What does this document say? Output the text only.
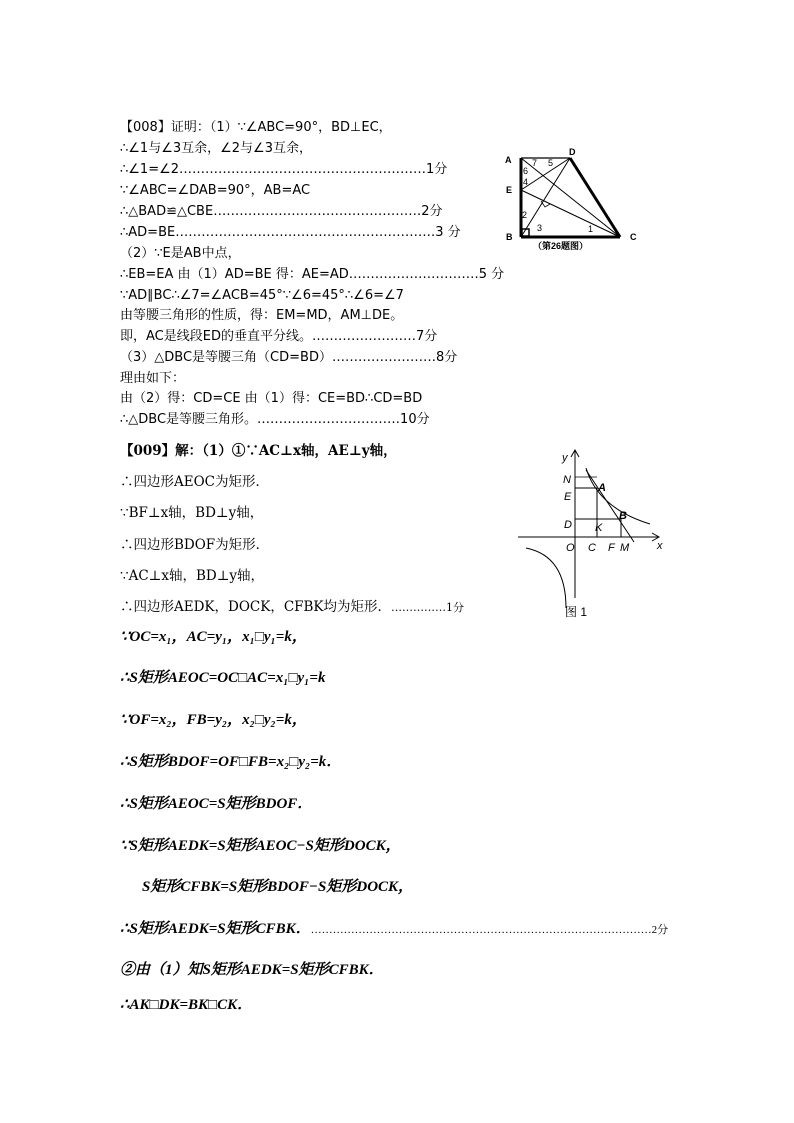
【008】证明：（1）∵∠ABC=90°，BD⊥EC，
∴∠1与∠3互余，∠2与∠3互余，
∴∠1=∠2…………………………………………………1分
∵∠ABC=∠DAB=90°，AB=AC
∴△BAD≌△CBE…………………………………………2分
∴AD=BE……………………………………………………3 分
（2）∵E是AB中点，
∴EB=EA 由（1）AD=BE 得：AE=AD…………………………5 分
∵AD∥BC∴∠7=∠ACB=45°∵∠6=45°∴∠6=∠7
由等腰三角形的性质，得：EM=MD，AM⊥DE。
即，AC是线段ED的垂直平分线。……………………7分
（3）△DBC是等腰三角（CD=BD）……………………8分
理由如下：
由（2）得：CD=CE 由（1）得：CE=BD∴CD=BD
∴△DBC是等腰三角形。……………………………10分
A
D
E
B	C
7 5
6
4
2
3	1
（第26题图）
【009】解：（1）①∵AC⊥x轴，AE⊥y轴，
∴四边形AEOC为矩形．
∵BF⊥x轴，BD⊥y轴，
∴四边形BDOF为矩形．
∵AC⊥x轴，BD⊥y轴，
∴四边形AEDK，DOCK，CFBK均为矩形．……………1分
∵OC=x₁，AC=y₁，x₁□y₁=k，
∴S矩形AEOC=OC□AC=x₁□y₁=k
∵OF=x₂，FB=y₂，x₂□y₂=k，
∴S矩形BDOF=OF□FB=x₂□y₂=k．
∴S矩形AEOC=S矩形BDOF．
∵S矩形AEDK=S矩形AEOC−S矩形DOCK，
S矩形CFBK=S矩形BDOF−S矩形DOCK，
∴S矩形AEDK=S矩形CFBK．…………………………………………………………………………………2分
②由（1）知S矩形AEDK=S矩形CFBK．
∴AK□DK=BK□CK．
y
x
N
A
E
B
D K
O C F M
图 1
